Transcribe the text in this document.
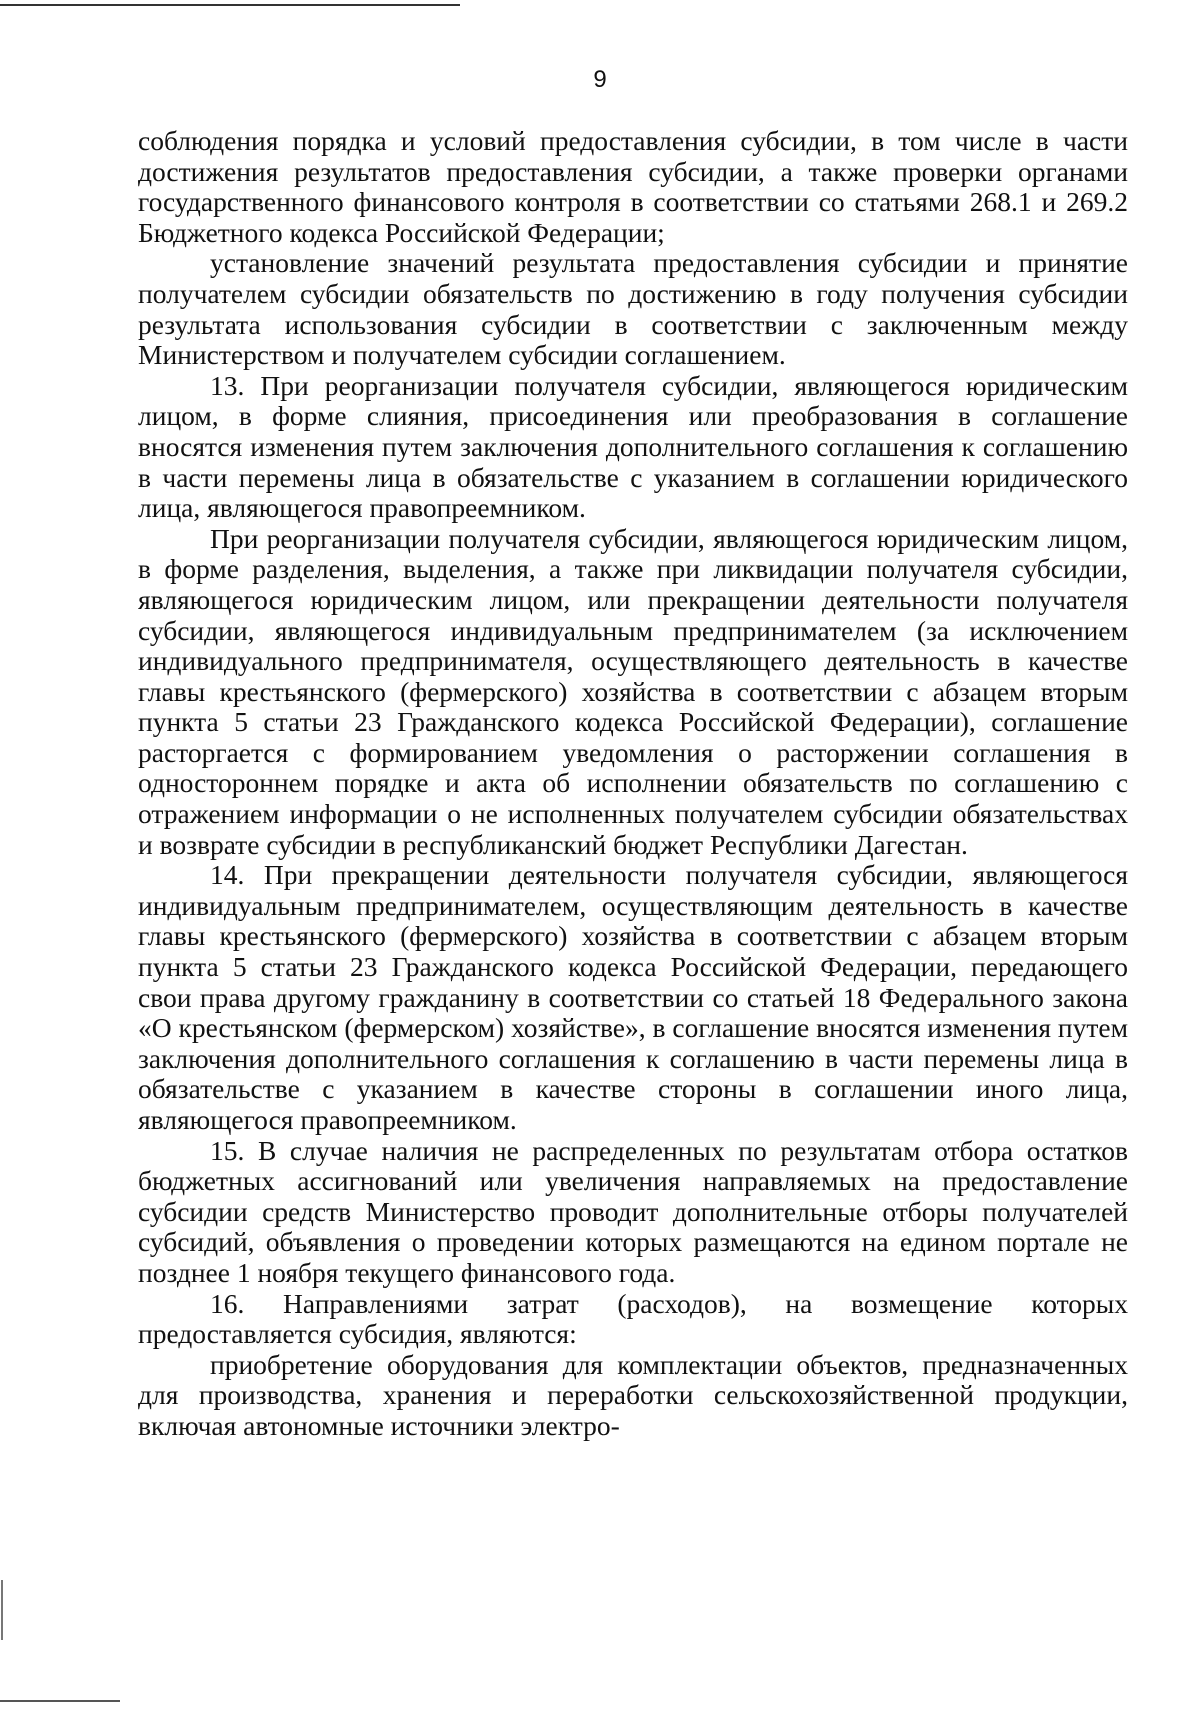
9

соблюдения порядка и условий предоставления субсидии, в том числе в части достижения результатов предоставления субсидии, а также проверки органами государственного финансового контроля в соответствии со статьями 268.1 и 269.2 Бюджетного кодекса Российской Федерации;

установление значений результата предоставления субсидии и принятие получателем субсидии обязательств по достижению в году получения субсидии результата использования субсидии в соответствии с заключенным между Министерством и получателем субсидии соглашением.

13. При реорганизации получателя субсидии, являющегося юридическим лицом, в форме слияния, присоединения или преобразования в соглашение вносятся изменения путем заключения дополнительного соглашения к соглашению в части перемены лица в обязательстве с указанием в соглашении юридического лица, являющегося правопреемником.

При реорганизации получателя субсидии, являющегося юридическим лицом, в форме разделения, выделения, а также при ликвидации получателя субсидии, являющегося юридическим лицом, или прекращении деятельности получателя субсидии, являющегося индивидуальным предпринимателем (за исключением индивидуального предпринимателя, осуществляющего деятельность в качестве главы крестьянского (фермерского) хозяйства в соответствии с абзацем вторым пункта 5 статьи 23 Гражданского кодекса Российской Федерации), соглашение расторгается с формированием уведомления о расторжении соглашения в одностороннем порядке и акта об исполнении обязательств по соглашению с отражением информации о не исполненных получателем субсидии обязательствах и возврате субсидии в республиканский бюджет Республики Дагестан.

14. При прекращении деятельности получателя субсидии, являющегося индивидуальным предпринимателем, осуществляющим деятельность в качестве главы крестьянского (фермерского) хозяйства в соответствии с абзацем вторым пункта 5 статьи 23 Гражданского кодекса Российской Федерации, передающего свои права другому гражданину в соответствии со статьей 18 Федерального закона «О крестьянском (фермерском) хозяйстве», в соглашение вносятся изменения путем заключения дополнительного соглашения к соглашению в части перемены лица в обязательстве с указанием в качестве стороны в соглашении иного лица, являющегося правопреемником.

15. В случае наличия не распределенных по результатам отбора остатков бюджетных ассигнований или увеличения направляемых на предоставление субсидии средств Министерство проводит дополнительные отборы получателей субсидий, объявления о проведении которых размещаются на едином портале не позднее 1 ноября текущего финансового года.

16. Направлениями затрат (расходов), на возмещение которых предоставляется субсидия, являются:

приобретение оборудования для комплектации объектов, предназначенных для производства, хранения и переработки сельскохозяйственной продукции, включая автономные источники электро-
